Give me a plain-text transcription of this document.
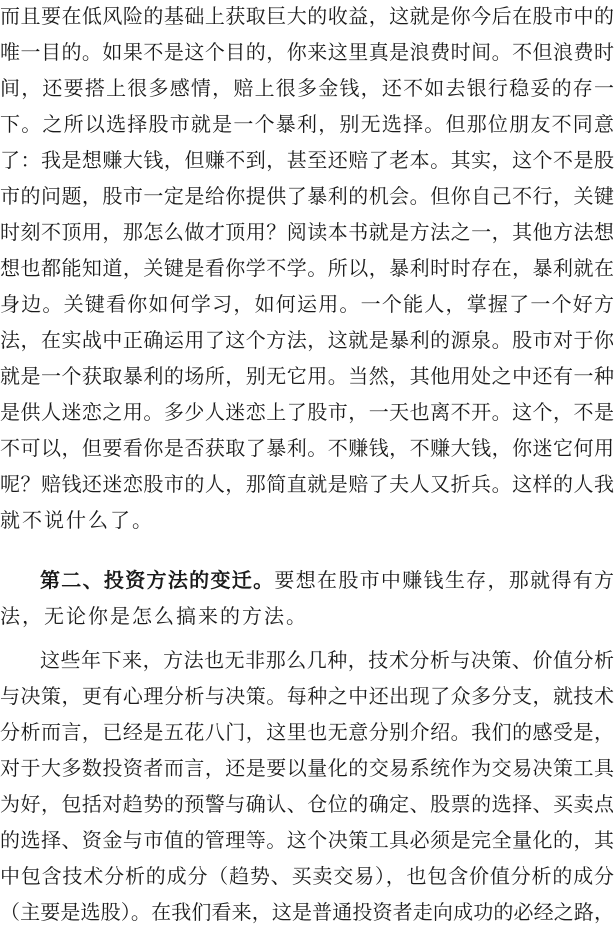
而且要在低风险的基础上获取巨大的收益，这就是你今后在股市中的
唯一目的。如果不是这个目的，你来这里真是浪费时间。不但浪费时
间，还要搭上很多感情，赔上很多金钱，还不如去银行稳妥的存一
下。之所以选择股市就是一个暴利，别无选择。但那位朋友不同意
了：我是想赚大钱，但赚不到，甚至还赔了老本。其实，这个不是股
市的问题，股市一定是给你提供了暴利的机会。但你自己不行，关键
时刻不顶用，那怎么做才顶用？阅读本书就是方法之一，其他方法想
想也都能知道，关键是看你学不学。所以，暴利时时存在，暴利就在
身边。关键看你如何学习，如何运用。一个能人，掌握了一个好方
法，在实战中正确运用了这个方法，这就是暴利的源泉。股市对于你
就是一个获取暴利的场所，别无它用。当然，其他用处之中还有一种
是供人迷恋之用。多少人迷恋上了股市，一天也离不开。这个，不是
不可以，但要看你是否获取了暴利。不赚钱，不赚大钱，你迷它何用
呢？赔钱还迷恋股市的人，那简直就是赔了夫人又折兵。这样的人我
就不说什么了。
第二、投资方法的变迁。要想在股市中赚钱生存，那就得有方
法，无论你是怎么搞来的方法。
这些年下来，方法也无非那么几种，技术分析与决策、价值分析
与决策，更有心理分析与决策。每种之中还出现了众多分支，就技术
分析而言，已经是五花八门，这里也无意分别介绍。我们的感受是，
对于大多数投资者而言，还是要以量化的交易系统作为交易决策工具
为好，包括对趋势的预警与确认、仓位的确定、股票的选择、买卖点
的选择、资金与市值的管理等。这个决策工具必须是完全量化的，其
中包含技术分析的成分（趋势、买卖交易），也包含价值分析的成分
（主要是选股）。在我们看来，这是普通投资者走向成功的必经之路，
